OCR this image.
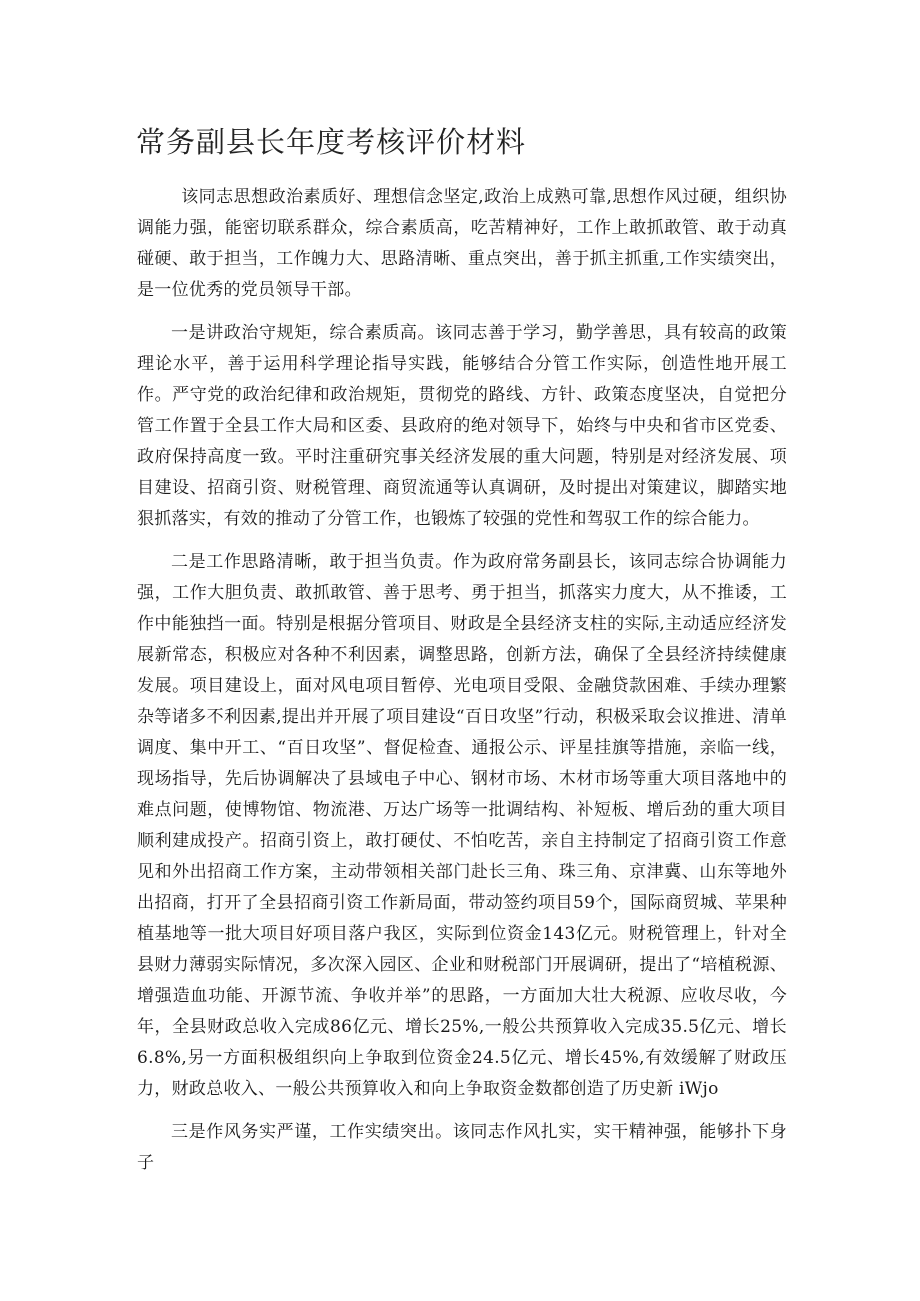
常务副县长年度考核评价材料

该同志思想政治素质好、理想信念坚定,政治上成熟可靠,思想作风过硬，组织协调能力强，能密切联系群众，综合素质高，吃苦精神好，工作上敢抓敢管、敢于动真碰硬、敢于担当，工作魄力大、思路清晰、重点突出，善于抓主抓重,工作实绩突出，是一位优秀的党员领导干部。

一是讲政治守规矩，综合素质高。该同志善于学习，勤学善思，具有较高的政策理论水平，善于运用科学理论指导实践，能够结合分管工作实际，创造性地开展工作。严守党的政治纪律和政治规矩，贯彻党的路线、方针、政策态度坚决，自觉把分管工作置于全县工作大局和区委、县政府的绝对领导下，始终与中央和省市区党委、政府保持高度一致。平时注重研究事关经济发展的重大问题，特别是对经济发展、项目建设、招商引资、财税管理、商贸流通等认真调研，及时提出对策建议，脚踏实地狠抓落实，有效的推动了分管工作，也锻炼了较强的党性和驾驭工作的综合能力。

二是工作思路清晰，敢于担当负责。作为政府常务副县长，该同志综合协调能力强，工作大胆负责、敢抓敢管、善于思考、勇于担当，抓落实力度大，从不推诿，工作中能独挡一面。特别是根据分管项目、财政是全县经济支柱的实际,主动适应经济发展新常态，积极应对各种不利因素，调整思路，创新方法，确保了全县经济持续健康发展。项目建设上，面对风电项目暂停、光电项目受限、金融贷款困难、手续办理繁杂等诸多不利因素,提出并开展了项目建设“百日攻坚”行动，积极采取会议推进、清单调度、集中开工、“百日攻坚”、督促检查、通报公示、评星挂旗等措施，亲临一线，现场指导，先后协调解决了县域电子中心、钢材市场、木材市场等重大项目落地中的难点问题，使博物馆、物流港、万达广场等一批调结构、补短板、增后劲的重大项目顺利建成投产。招商引资上，敢打硬仗、不怕吃苦，亲自主持制定了招商引资工作意见和外出招商工作方案，主动带领相关部门赴长三角、珠三角、京津冀、山东等地外出招商，打开了全县招商引资工作新局面，带动签约项目59个，国际商贸城、苹果种植基地等一批大项目好项目落户我区，实际到位资金143亿元。财税管理上，针对全县财力薄弱实际情况，多次深入园区、企业和财税部门开展调研，提出了“培植税源、增强造血功能、开源节流、争收并举”的思路，一方面加大壮大税源、应收尽收，今年，全县财政总收入完成86亿元、增长25%,一般公共预算收入完成35.5亿元、增长6.8%,另一方面积极组织向上争取到位资金24.5亿元、增长45%,有效缓解了财政压力，财政总收入、一般公共预算收入和向上争取资金数都创造了历史新 iWjo

三是作风务实严谨，工作实绩突出。该同志作风扎实，实干精神强，能够扑下身子
